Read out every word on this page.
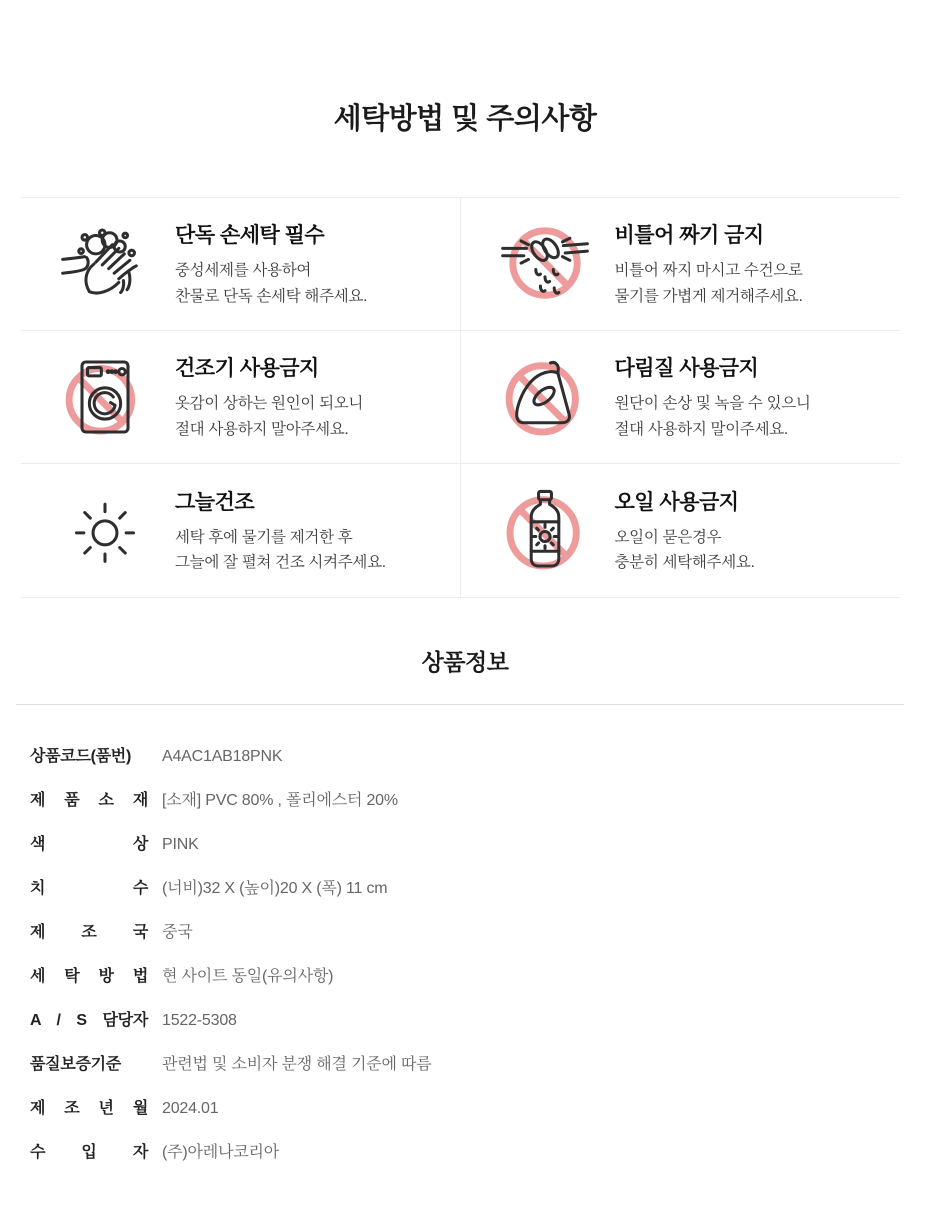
세탁방법 및 주의사항
단독 손세탁 필수
중성세제를 사용하여
찬물로 단독 손세탁 해주세요.
비틀어 짜기 금지
비틀어 짜지 마시고 수건으로
물기를 가볍게 제거해주세요.
건조기 사용금지
옷감이 상하는 원인이 되오니
절대 사용하지 말아주세요.
다림질 사용금지
원단이 손상 및 녹을 수 있으니
절대 사용하지 말이주세요.
그늘건조
세탁 후에 물기를 제거한 후
그늘에 잘 펼쳐 건조 시켜주세요.
오일 사용금지
오일이 묻은경우
충분히 세탁해주세요.
상품정보
상품코드(품번)	A4AC1AB18PNK
제 품 소 재 [소재] PVC 80% , 폴리에스터 20%
색 상 PINK
치 수 (너비)32 X (높이)20 X (폭) 11 cm
제 조 국 중국
세 탁 방 법 현 사이트 동일(유의사항)
A / S 담당자 1522-5308
품질보증기준	관련법 및 소비자 분쟁 해결 기준에 따름
제 조 년 월 2024.01
수 입 자 (주)아레나코리아
